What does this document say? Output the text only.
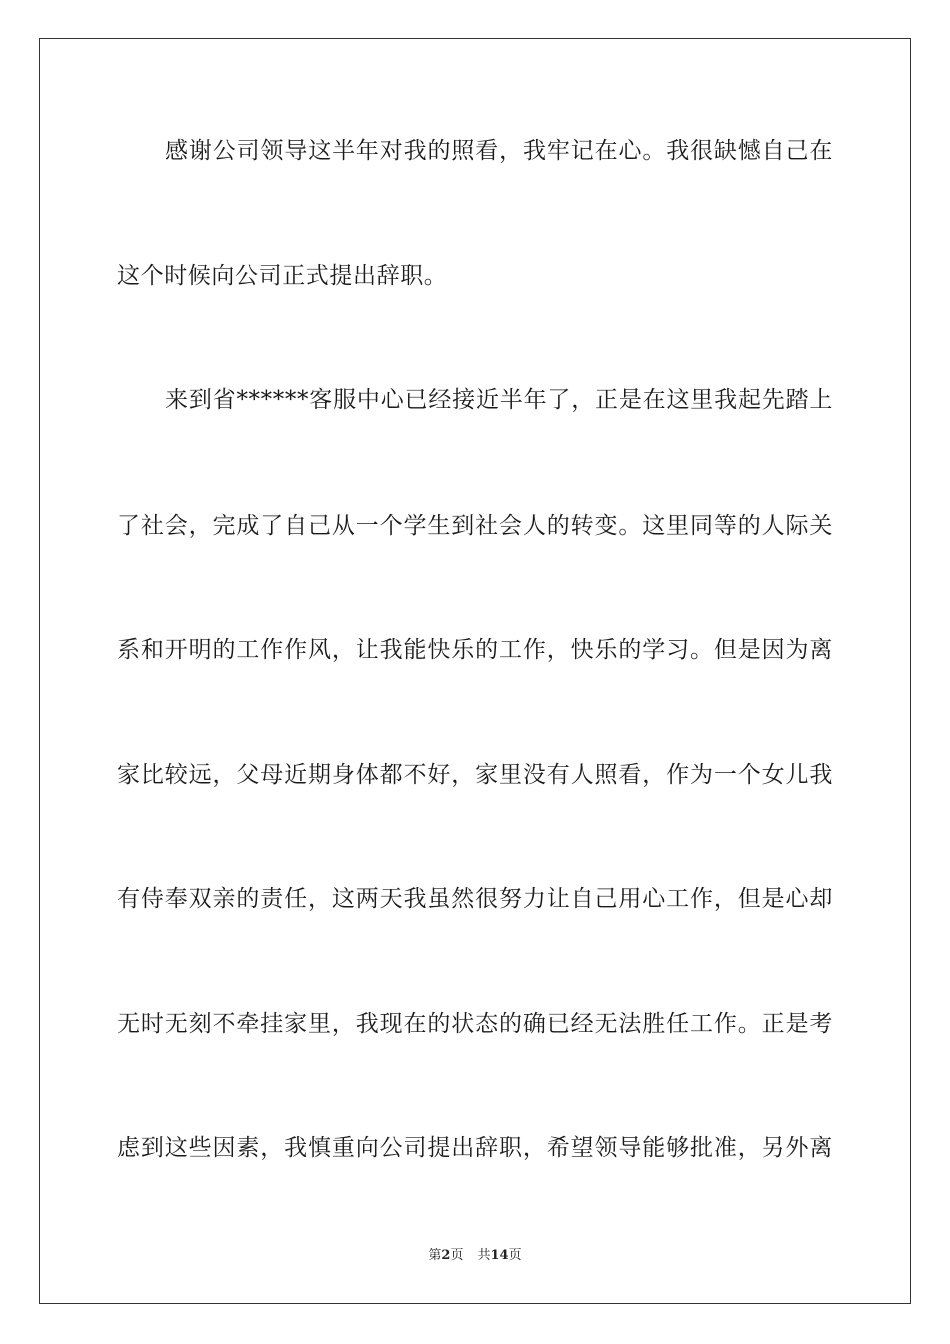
感谢公司领导这半年对我的照看，我牢记在心。我很缺憾自己在
这个时候向公司正式提出辞职。
来到省******客服中心已经接近半年了，正是在这里我起先踏上
了社会，完成了自己从一个学生到社会人的转变。这里同等的人际关
系和开明的工作作风，让我能快乐的工作，快乐的学习。但是因为离
家比较远，父母近期身体都不好，家里没有人照看，作为一个女儿我
有侍奉双亲的责任，这两天我虽然很努力让自己用心工作，但是心却
无时无刻不牵挂家里，我现在的状态的确已经无法胜任工作。正是考
虑到这些因素，我慎重向公司提出辞职，希望领导能够批准，另外离
第2页 共14页
